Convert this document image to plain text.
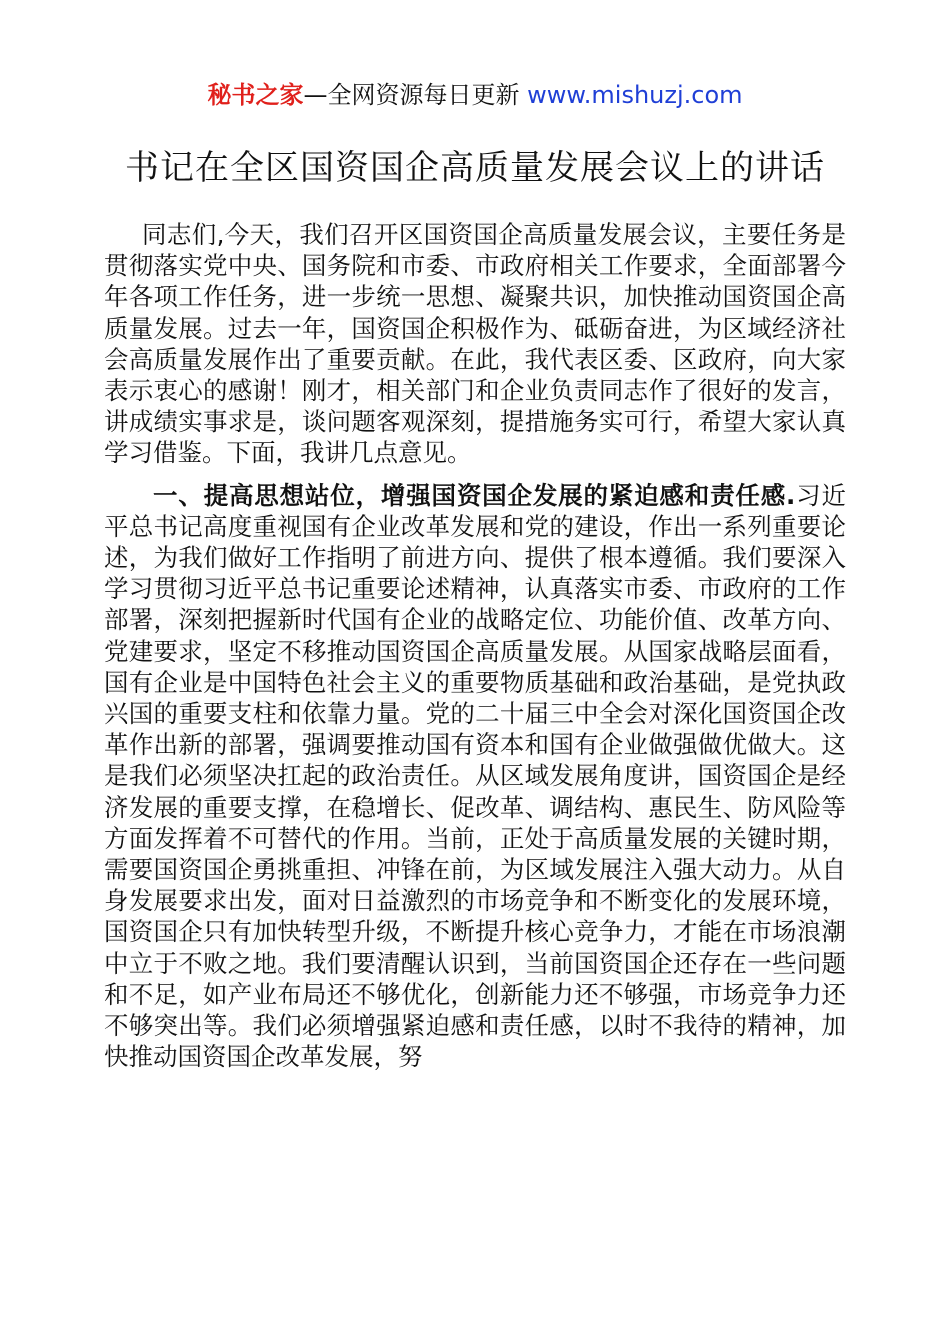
秘书之家—全网资源每日更新 www.mishuzj.com
书记在全区国资国企高质量发展会议上的讲话

同志们,今天，我们召开区国资国企高质量发展会议，主要任务是贯彻落实党中央、国务院和市委、市政府相关工作要求，全面部署今年各项工作任务，进一步统一思想、凝聚共识，加快推动国资国企高质量发展。过去一年，国资国企积极作为、砥砺奋进，为区域经济社会高质量发展作出了重要贡献。在此，我代表区委、区政府，向大家表示衷心的感谢！刚才，相关部门和企业负责同志作了很好的发言，讲成绩实事求是，谈问题客观深刻，提措施务实可行，希望大家认真学习借鉴。下面，我讲几点意见。

一、提高思想站位，增强国资国企发展的紧迫感和责任感.习近平总书记高度重视国有企业改革发展和党的建设，作出一系列重要论述，为我们做好工作指明了前进方向、提供了根本遵循。我们要深入学习贯彻习近平总书记重要论述精神，认真落实市委、市政府的工作部署，深刻把握新时代国有企业的战略定位、功能价值、改革方向、党建要求，坚定不移推动国资国企高质量发展。从国家战略层面看，国有企业是中国特色社会主义的重要物质基础和政治基础，是党执政兴国的重要支柱和依靠力量。党的二十届三中全会对深化国资国企改革作出新的部署，强调要推动国有资本和国有企业做强做优做大。这是我们必须坚决扛起的政治责任。从区域发展角度讲，国资国企是经济发展的重要支撑，在稳增长、促改革、调结构、惠民生、防风险等方面发挥着不可替代的作用。当前，正处于高质量发展的关键时期，需要国资国企勇挑重担、冲锋在前，为区域发展注入强大动力。从自身发展要求出发，面对日益激烈的市场竞争和不断变化的发展环境，国资国企只有加快转型升级，不断提升核心竞争力，才能在市场浪潮中立于不败之地。我们要清醒认识到，当前国资国企还存在一些问题和不足，如产业布局还不够优化，创新能力还不够强，市场竞争力还不够突出等。我们必须增强紧迫感和责任感，以时不我待的精神，加快推动国资国企改革发展，努
